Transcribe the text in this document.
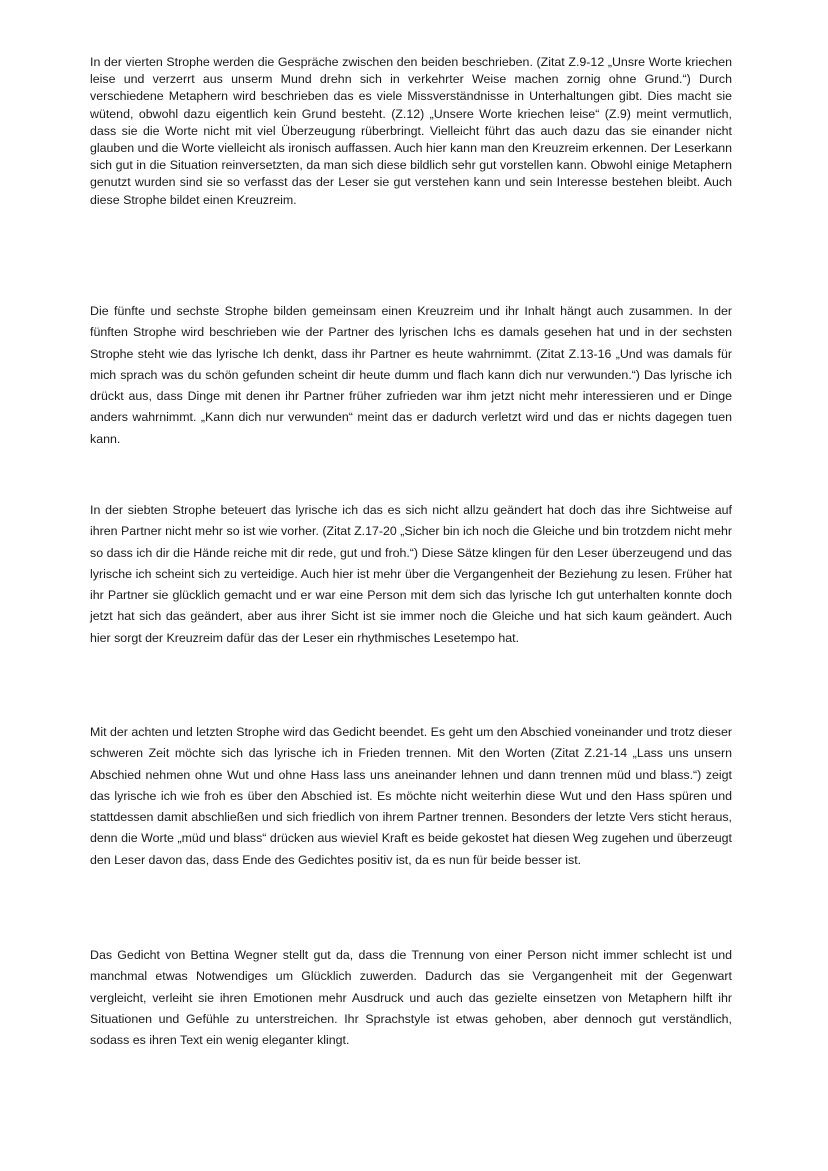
In der vierten Strophe werden die Gespräche zwischen den beiden beschrieben. (Zitat Z.9-12 „Unsre Worte kriechen leise und verzerrt aus unserm Mund drehn sich in verkehrter Weise machen zornig ohne Grund.“) Durch verschiedene Metaphern wird beschrieben das es viele Missverständnisse in Unterhaltungen gibt. Dies macht sie wütend, obwohl dazu eigentlich kein Grund besteht. (Z.12) „Unsere Worte kriechen leise“ (Z.9) meint vermutlich, dass sie die Worte nicht mit viel Überzeugung rüberbringt. Vielleicht führt das auch dazu das sie einander nicht glauben und die Worte vielleicht als ironisch auffassen. Auch hier kann man den Kreuzreim erkennen. Der Leserkann sich gut in die Situation reinversetzten, da man sich diese bildlich sehr gut vorstellen kann. Obwohl einige Metaphern genutzt wurden sind sie so verfasst das der Leser sie gut verstehen kann und sein Interesse bestehen bleibt. Auch diese Strophe bildet einen Kreuzreim.

Die fünfte und sechste Strophe bilden gemeinsam einen Kreuzreim und ihr Inhalt hängt auch zusammen. In der fünften Strophe wird beschrieben wie der Partner des lyrischen Ichs es damals gesehen hat und in der sechsten Strophe steht wie das lyrische Ich denkt, dass ihr Partner es heute wahrnimmt. (Zitat Z.13-16 „Und was damals für mich sprach was du schön gefunden scheint dir heute dumm und flach kann dich nur verwunden.“) Das lyrische ich drückt aus, dass Dinge mit denen ihr Partner früher zufrieden war ihm jetzt nicht mehr interessieren und er Dinge anders wahrnimmt. „Kann dich nur verwunden“ meint das er dadurch verletzt wird und das er nichts dagegen tuen kann.

In der siebten Strophe beteuert das lyrische ich das es sich nicht allzu geändert hat doch das ihre Sichtweise auf ihren Partner nicht mehr so ist wie vorher. (Zitat Z.17-20 „Sicher bin ich noch die Gleiche und bin trotzdem nicht mehr so dass ich dir die Hände reiche mit dir rede, gut und froh.“) Diese Sätze klingen für den Leser überzeugend und das lyrische ich scheint sich zu verteidige. Auch hier ist mehr über die Vergangenheit der Beziehung zu lesen. Früher hat ihr Partner sie glücklich gemacht und er war eine Person mit dem sich das lyrische Ich gut unterhalten konnte doch jetzt hat sich das geändert, aber aus ihrer Sicht ist sie immer noch die Gleiche und hat sich kaum geändert. Auch hier sorgt der Kreuzreim dafür das der Leser ein rhythmisches Lesetempo hat.

Mit der achten und letzten Strophe wird das Gedicht beendet. Es geht um den Abschied voneinander und trotz dieser schweren Zeit möchte sich das lyrische ich in Frieden trennen. Mit den Worten (Zitat Z.21-14 „Lass uns unsern Abschied nehmen ohne Wut und ohne Hass lass uns aneinander lehnen und dann trennen müd und blass.“) zeigt das lyrische ich wie froh es über den Abschied ist. Es möchte nicht weiterhin diese Wut und den Hass spüren und stattdessen damit abschließen und sich friedlich von ihrem Partner trennen. Besonders der letzte Vers sticht heraus, denn die Worte „müd und blass“ drücken aus wieviel Kraft es beide gekostet hat diesen Weg zugehen und überzeugt den Leser davon das, dass Ende des Gedichtes positiv ist, da es nun für beide besser ist.

Das Gedicht von Bettina Wegner stellt gut da, dass die Trennung von einer Person nicht immer schlecht ist und manchmal etwas Notwendiges um Glücklich zuwerden. Dadurch das sie Vergangenheit mit der Gegenwart vergleicht, verleiht sie ihren Emotionen mehr Ausdruck und auch das gezielte einsetzen von Metaphern hilft ihr Situationen und Gefühle zu unterstreichen. Ihr Sprachstyle ist etwas gehoben, aber dennoch gut verständlich, sodass es ihren Text ein wenig eleganter klingt.
